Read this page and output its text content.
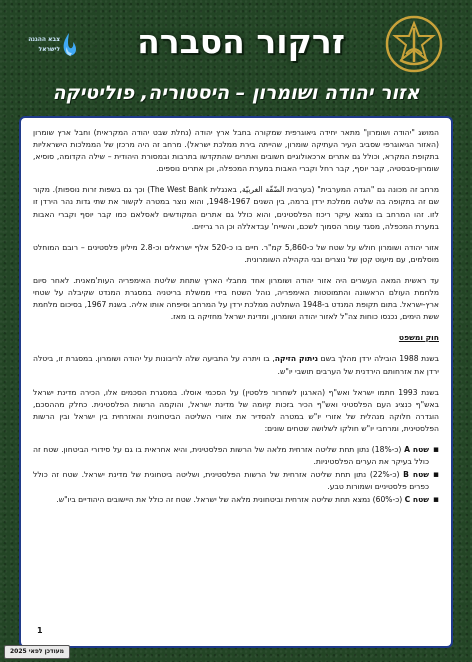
זרקור הסברה
צבא ההגנה
לישראל
אזור יהודה ושומרון – היסטוריה, פוליטיקה

המושג "יהודה ושומרון" מתאר יחידה גיאוגרפית שמקורה בחבל ארץ יהודה (נחלת שבט יהודה המקראית) וחבל ארץ שומרון (האזור הגיאוגרפי שסביב העיר העתיקה שומרון, שהייתה בירת ממלכת ישראל). מרחב זה היה מרכזן של הממלכות הישראליות בתקופת המקרא, וכולל גם אתרים ארכאולוגיים חשובים ואתרים שהתקדשו בתרבות ובמסורת היהודית – שילה הקדומה, סוסיא, שומרון-סבסטיה, קבר יוסף, קבר רחל וקברי האבות במערת המכפלה, וכן אתרים נוספים.

מרחב זה מכונה גם "הגדה המערבית" (בערבית الضّفّة الغربيّة, באנגלית The West Bank) וכך גם בשפות זרות נוספות). מקור שם זה בתקופה בה שלטה ממלכת ירדן ברמה, בין השנים 1948-1967, והוא נוצר במטרה לקשור את שתי גדות נהר הירדן זו לזו. זהו המרחב בו נמצא עיקר ריכוז הפלסטינים, והוא כולל גם אתרים המקודשים לאסלאם כמו קבר יוסף וקברי האבות במערת המכפלה, מסגד עומר הסמוך לשכם, והשייח' עבדאללה וכן הר גריזים.

אזור יהודה ושומרון חולש על שטח של כ-5,860 קמ"ר. חיים בו כ-520 אלף ישראלים וכ-2.8 מיליון פלסטינים – רובם המוחלט מוסלמים, עם מיעוט קטן של נוצרים ובני הקהילה השומרונית.

עד ראשית המאה העשרים היה אזור יהודה ושומרון אחד מחבלי הארץ שתחת שליטת האימפריה העות'מאנית. לאחר סיום מלחמת העולם הראשונה והתמוטטות האימפריה, נוהל השטח בידי ממשלת בריטניה במסגרת המנדט שקיבלה על שטחי ארץ-ישראל. בתום תקופת המנדט ב-1948 השתלטה ממלכת ירדן על המרחב וסיפחה אותו אליה. בשנת 1967, בסיכום מלחמת ששת הימים, נכנסו כוחות צה"ל לאזור יהודה ושומרון, ומדינת ישראל מחזיקה בו מאז.

חוק ומשפט

בשנת 1988 הובילה ירדן מהלך בשם ניתוק הזיקה, בו ויתרה על התביעה שלה לריבונות על יהודה ושומרון. במסגרת זו, ביטלה ירדן את אזרחותם הירדנית של הערבים תושבי יו"ש.

בשנת 1993 חתמו ישראל ואש"ף (הארגון לשחרור פלסטין) על הסכמי אוסלו. במסגרת הסכמים אלו, הכירה מדינת ישראל באש"ף כנציג העם הפלסטיני ואש"ף הכיר בזכות קיומה של מדינת ישראל, והוקמה הרשות הפלסטינית. כחלק מההסכם, הוגדרה חלוקה מנהלית של אזורי יו"ש במטרה להסדיר את אזורי השליטה הביטחונית והאזרחית בין ישראל ובין הרשות הפלסטינית, ומרחבי יו"ש חולקו לשלושה שטחים שונים:

▪ שטח A (כ-18%) נתון תחת שליטה אזרחית מלאה של הרשות הפלסטינית, והיא אחראית בו גם על סידורי הביטחון. שטח זה כולל בעיקר את הערים הפלסטיניות.
▪ שטח B (כ-22%) נתון תחת שליטה אזרחית של הרשות הפלסטינית, ושליטה ביטחונית של מדינת ישראל. שטח זה כולל כפרים פלסטיניים ושמורות טבע.
▪ שטח C (כ-60%) נמצא תחת שליטה אזרחית וביטחונית מלאה של ישראל. שטח זה כולל את היישובים היהודיים ביו"ש.
1
מעודכן לפאי 2025
